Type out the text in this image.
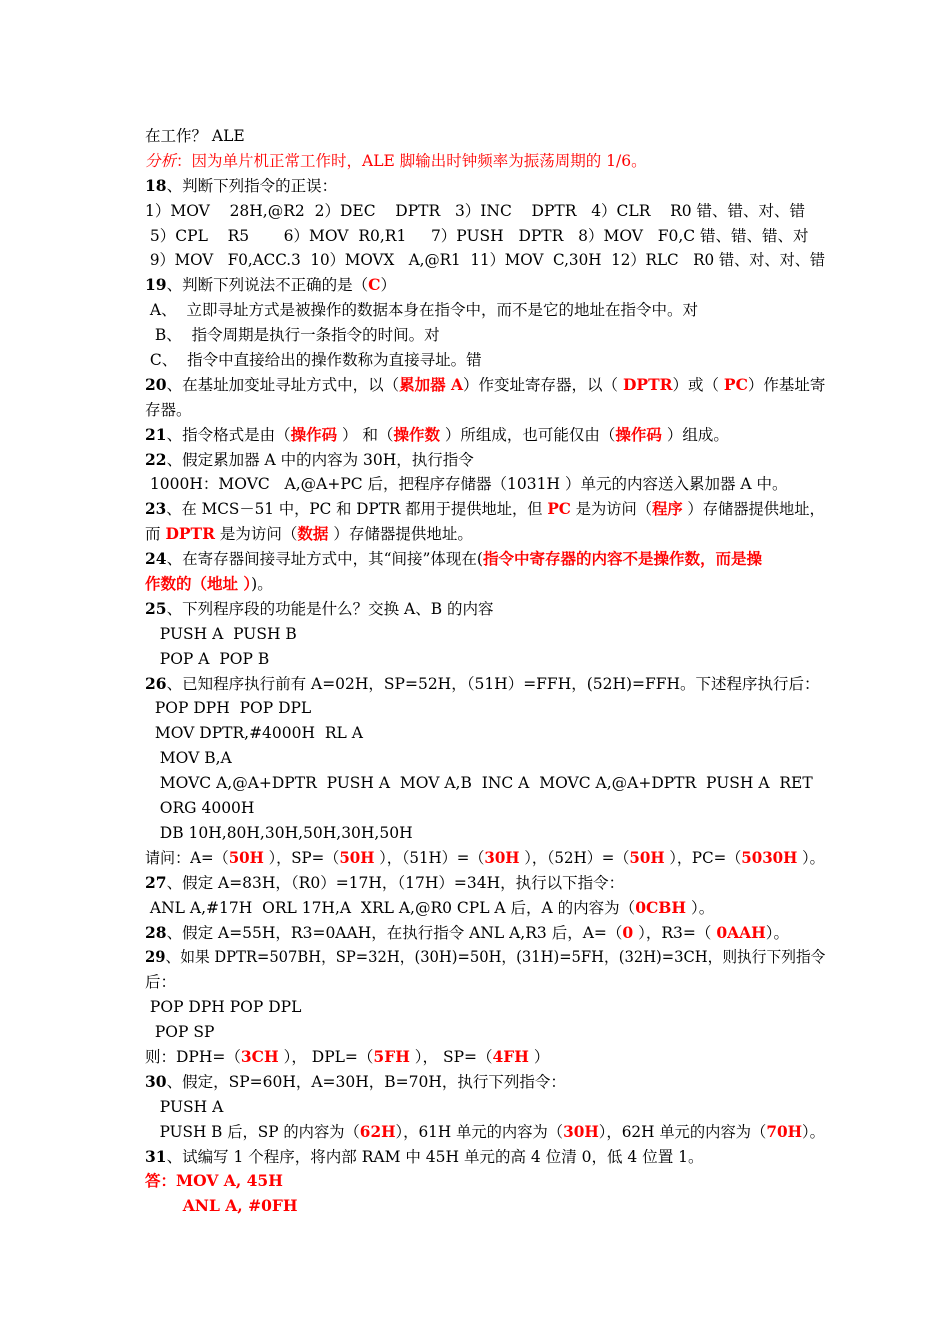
在工作？ ALE
分析：因为单片机正常工作时，ALE 脚输出时钟频率为振荡周期的 1/6。
18、判断下列指令的正误：
1）MOV    28H,@R2  2）DEC    DPTR   3）INC    DPTR   4）CLR    R0 错、错、对、错
5）CPL    R5       6）MOV  R0,R1     7）PUSH   DPTR   8）MOV   F0,C 错、错、错、对
9）MOV   F0,ACC.3  10）MOVX   A,@R1  11）MOV  C,30H  12）RLC   R0 错、对、对、错
19、判断下列说法不正确的是（C）
A、  立即寻址方式是被操作的数据本身在指令中，而不是它的地址在指令中。对
B、  指令周期是执行一条指令的时间。对
C、  指令中直接给出的操作数称为直接寻址。错
20、在基址加变址寻址方式中，以（累加器 A）作变址寄存器，以（ DPTR）或（ PC）作基址寄
存器。
21、指令格式是由（操作码 ） 和（操作数 ）所组成，也可能仅由（操作码 ）组成。
22、假定累加器 A 中的内容为 30H，执行指令
1000H：MOVC   A,@A+PC 后，把程序存储器（1031H ）单元的内容送入累加器 A 中。
23、在 MCS－51 中，PC 和 DPTR 都用于提供地址，但 PC 是为访问（程序 ）存储器提供地址，
而 DPTR 是为访问（数据 ）存储器提供地址。
24、在寄存器间接寻址方式中，其“间接”体现在(指令中寄存器的内容不是操作数，而是操
作数的（地址 ）)。
25、下列程序段的功能是什么？交换 A、B 的内容
PUSH A  PUSH B
POP A  POP B
26、已知程序执行前有 A=02H，SP=52H，（51H）=FFH，(52H)=FFH。下述程序执行后：
POP DPH  POP DPL
MOV DPTR,#4000H  RL A
MOV B,A
MOVC A,@A+DPTR  PUSH A  MOV A,B  INC A  MOVC A,@A+DPTR  PUSH A  RET
ORG 4000H
DB 10H,80H,30H,50H,30H,50H
请问：A=（50H ），SP=（50H ），（51H）=（30H ），（52H）=（50H ），PC=（5030H ）。
27、假定 A=83H，（R0）=17H，（17H）=34H，执行以下指令：
ANL A,#17H  ORL 17H,A  XRL A,@R0 CPL A 后，A 的内容为（0CBH ）。
28、假定 A=55H，R3=0AAH，在执行指令 ANL A,R3 后，A=（0 ），R3=（ 0AAH）。
29、如果 DPTR=507BH，SP=32H，(30H)=50H，(31H)=5FH，(32H)=3CH，则执行下列指令
后：
POP DPH POP DPL
POP SP
则：DPH=（3CH ）， DPL=（5FH ）， SP=（4FH ）
30、假定，SP=60H，A=30H，B=70H，执行下列指令：
PUSH A
PUSH B 后，SP 的内容为（62H），61H 单元的内容为（30H），62H 单元的内容为（70H）。
31、试编写 1 个程序，将内部 RAM 中 45H 单元的高 4 位清 0，低 4 位置 1。
答：MOV A, 45H
ANL A, #0FH
